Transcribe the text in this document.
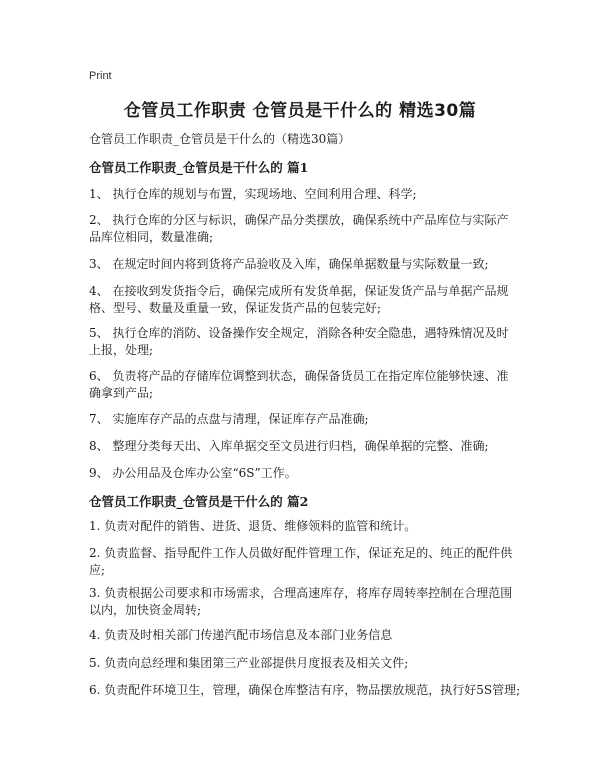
Print
仓管员工作职责 仓管员是干什么的 精选30篇
仓管员工作职责_仓管员是干什么的（精选30篇）
仓管员工作职责_仓管员是干什么的 篇1
1、 执行仓库的规划与布置，实现场地、空间利用合理、科学;
2、 执行仓库的分区与标识，确保产品分类摆放，确保系统中产品库位与实际产品库位相同，数量准确;
3、 在规定时间内将到货将产品验收及入库，确保单据数量与实际数量一致;
4、 在接收到发货指令后，确保完成所有发货单据，保证发货产品与单据产品规格、型号、数量及重量一致，保证发货产品的包装完好;
5、 执行仓库的消防、设备操作安全规定，消除各种安全隐患，遇特殊情况及时上报，处理;
6、 负责将产品的存储库位调整到状态，确保备货员工在指定库位能够快速、准确拿到产品;
7、 实施库存产品的点盘与清理，保证库存产品准确;
8、 整理分类每天出、入库单据交至文员进行归档，确保单据的完整、准确;
9、 办公用品及仓库办公室“6S”工作。
仓管员工作职责_仓管员是干什么的 篇2
1. 负责对配件的销售、进货、退货、维修领料的监管和统计。
2. 负责监督、指导配件工作人员做好配件管理工作，保证充足的、纯正的配件供应;
3. 负责根据公司要求和市场需求，合理高速库存，将库存周转率控制在合理范围以内，加快资金周转;
4. 负责及时相关部门传递汽配市场信息及本部门业务信息
5. 负责向总经理和集团第三产业部提供月度报表及相关文件;
6. 负责配件环境卫生，管理，确保仓库整洁有序，物品摆放规范，执行好5S管理;
